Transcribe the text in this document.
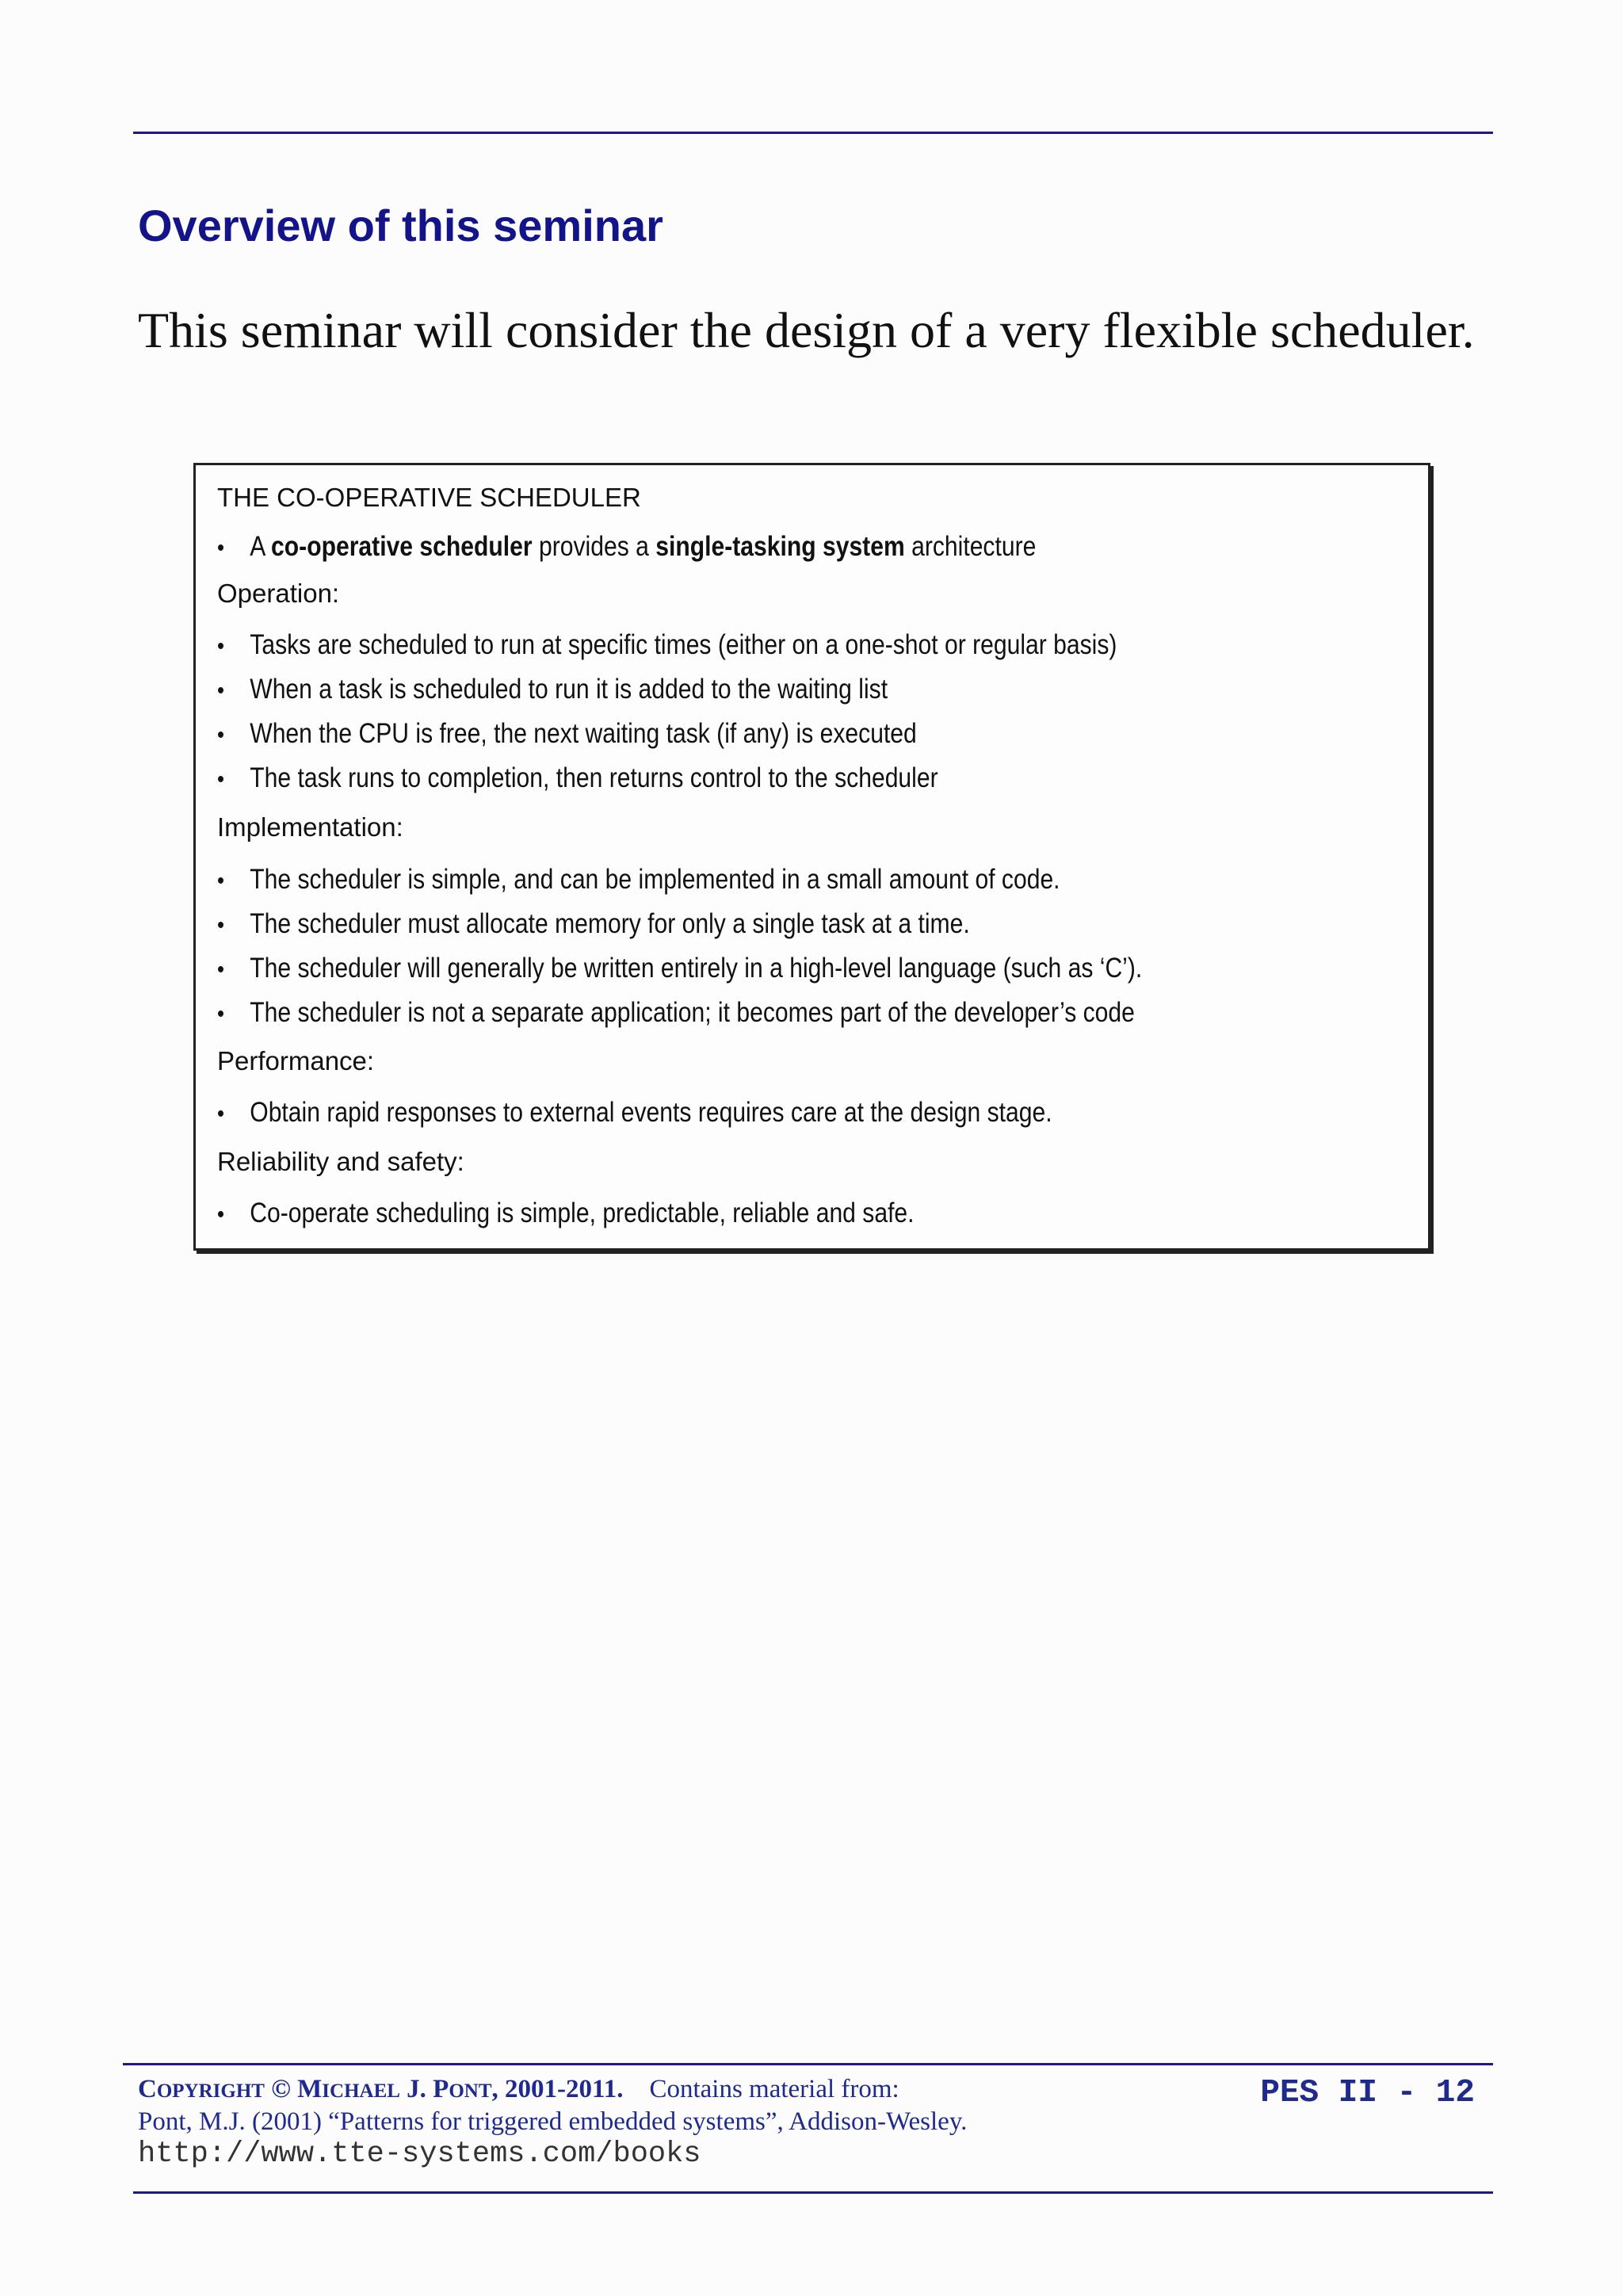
Overview of this seminar
This seminar will consider the design of a very flexible scheduler.
THE CO-OPERATIVE SCHEDULER
• A co-operative scheduler provides a single-tasking system architecture
Operation:
• Tasks are scheduled to run at specific times (either on a one-shot or regular basis)
• When a task is scheduled to run it is added to the waiting list
• When the CPU is free, the next waiting task (if any) is executed
• The task runs to completion, then returns control to the scheduler
Implementation:
• The scheduler is simple, and can be implemented in a small amount of code.
• The scheduler must allocate memory for only a single task at a time.
• The scheduler will generally be written entirely in a high-level language (such as ‘C’).
• The scheduler is not a separate application; it becomes part of the developer’s code
Performance:
• Obtain rapid responses to external events requires care at the design stage.
Reliability and safety:
• Co-operate scheduling is simple, predictable, reliable and safe.
COPYRIGHT © MICHAEL J. PONT, 2001-2011.    Contains material from:
Pont, M.J. (2001) “Patterns for triggered embedded systems”, Addison-Wesley.
http://www.tte-systems.com/books
PES II - 12
